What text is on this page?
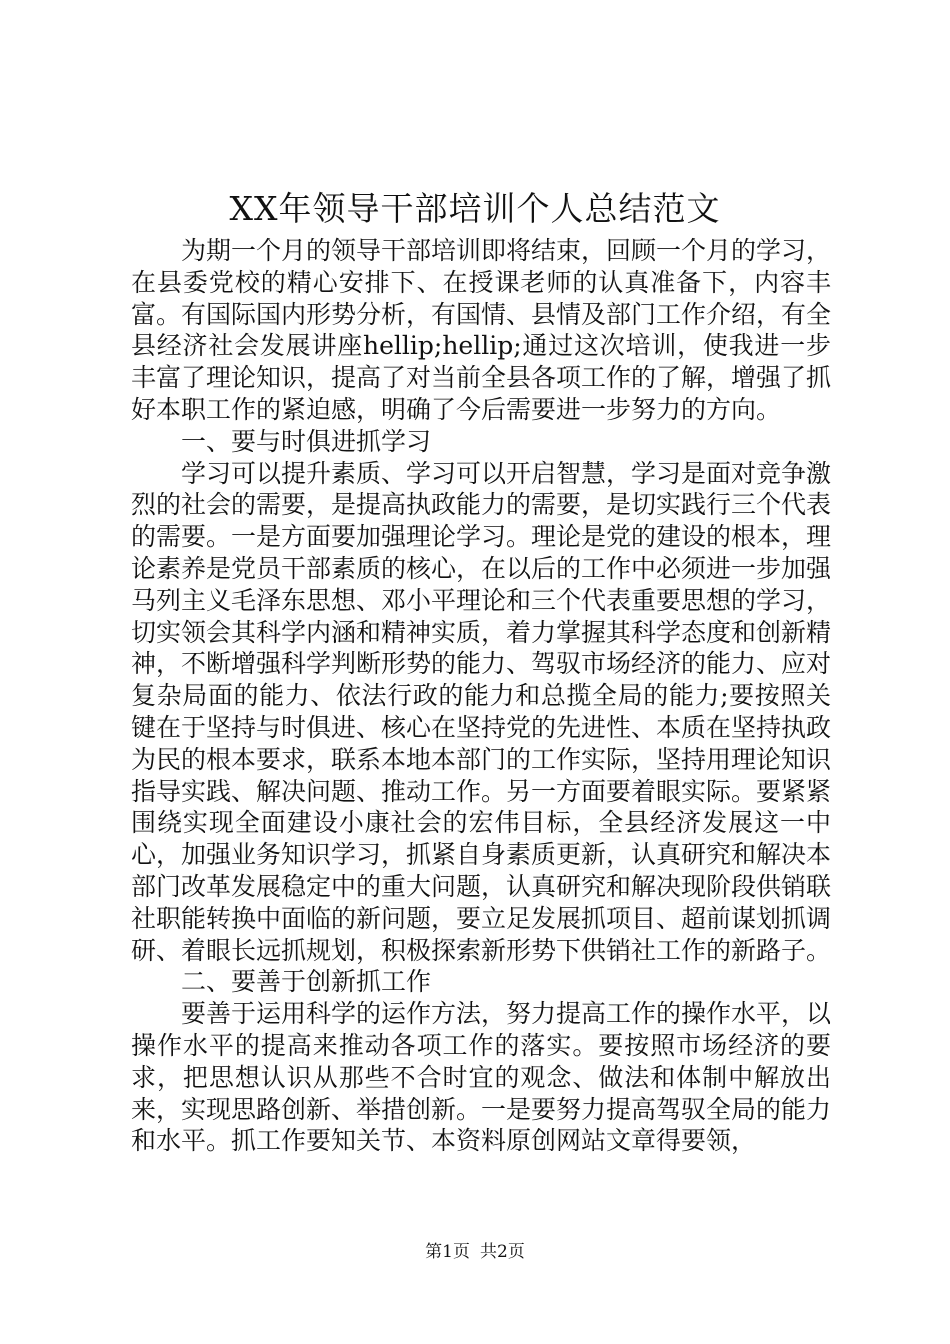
XX年领导干部培训个人总结范文

为期一个月的领导干部培训即将结束，回顾一个月的学习，在县委党校的精心安排下、在授课老师的认真准备下，内容丰富。有国际国内形势分析，有国情、县情及部门工作介绍，有全县经济社会发展讲座hellip;hellip;通过这次培训，使我进一步丰富了理论知识，提高了对当前全县各项工作的了解，增强了抓好本职工作的紧迫感，明确了今后需要进一步努力的方向。

一、要与时俱进抓学习

学习可以提升素质、学习可以开启智慧，学习是面对竞争激烈的社会的需要，是提高执政能力的需要，是切实践行三个代表的需要。一是方面要加强理论学习。理论是党的建设的根本，理论素养是党员干部素质的核心，在以后的工作中必须进一步加强马列主义毛泽东思想、邓小平理论和三个代表重要思想的学习，切实领会其科学内涵和精神实质，着力掌握其科学态度和创新精神，不断增强科学判断形势的能力、驾驭市场经济的能力、应对复杂局面的能力、依法行政的能力和总揽全局的能力;要按照关键在于坚持与时俱进、核心在坚持党的先进性、本质在坚持执政为民的根本要求，联系本地本部门的工作实际，坚持用理论知识指导实践、解决问题、推动工作。另一方面要着眼实际。要紧紧围绕实现全面建设小康社会的宏伟目标，全县经济发展这一中心，加强业务知识学习，抓紧自身素质更新，认真研究和解决本部门改革发展稳定中的重大问题，认真研究和解决现阶段供销联社职能转换中面临的新问题，要立足发展抓项目、超前谋划抓调研、着眼长远抓规划，积极探索新形势下供销社工作的新路子。

二、要善于创新抓工作

要善于运用科学的运作方法，努力提高工作的操作水平，以操作水平的提高来推动各项工作的落实。要按照市场经济的要求，把思想认识从那些不合时宜的观念、做法和体制中解放出来，实现思路创新、举措创新。一是要努力提高驾驭全局的能力和水平。抓工作要知关节、本资料原创网站文章得要领，

第1页 共2页
